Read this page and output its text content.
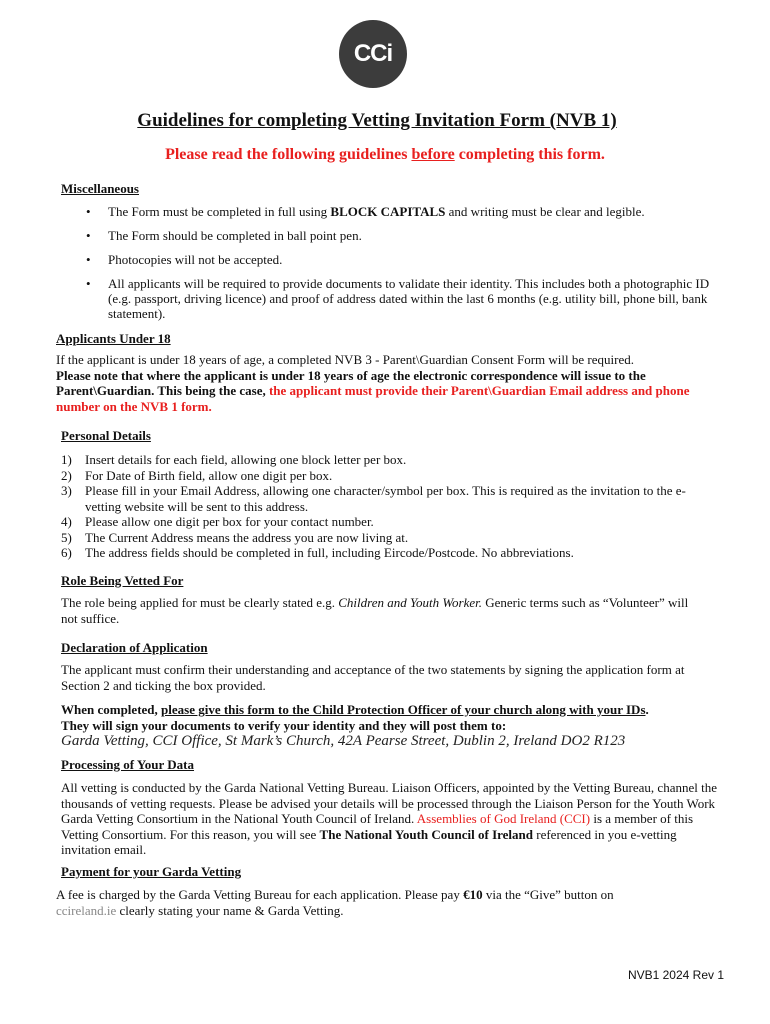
CCi
Guidelines for completing Vetting Invitation Form (NVB 1)
Please read the following guidelines before completing this form.
Miscellaneous
• The Form must be completed in full using BLOCK CAPITALS and writing must be clear and legible.
• The Form should be completed in ball point pen.
• Photocopies will not be accepted.
• All applicants will be required to provide documents to validate their identity. This includes both a photographic ID (e.g. passport, driving licence) and proof of address dated within the last 6 months (e.g. utility bill, phone bill, bank statement).
Applicants Under 18

If the applicant is under 18 years of age, a completed NVB 3 - Parent\Guardian Consent Form will be required.
Please note that where the applicant is under 18 years of age the electronic correspondence will issue to the Parent\Guardian. This being the case, the applicant must provide their Parent\Guardian Email address and phone number on the NVB 1 form.

Personal Details
1) Insert details for each field, allowing one block letter per box.
2) For Date of Birth field, allow one digit per box.
3) Please fill in your Email Address, allowing one character/symbol per box. This is required as the invitation to the e-vetting website will be sent to this address.
4) Please allow one digit per box for your contact number.
5) The Current Address means the address you are now living at.
6) The address fields should be completed in full, including Eircode/Postcode. No abbreviations.
Role Being Vetted For

The role being applied for must be clearly stated e.g. Children and Youth Worker. Generic terms such as “Volunteer” will not suffice.

Declaration of Application

The applicant must confirm their understanding and acceptance of the two statements by signing the application form at Section 2 and ticking the box provided.

When completed, please give this form to the Child Protection Officer of your church along with your IDs.
They will sign your documents to verify your identity and they will post them to:

Garda Vetting, CCI Office, St Mark’s Church, 42A Pearse Street, Dublin 2, Ireland DO2 R123
Processing of Your Data

All vetting is conducted by the Garda National Vetting Bureau. Liaison Officers, appointed by the Vetting Bureau, channel the thousands of vetting requests. Please be advised your details will be processed through the Liaison Person for the Youth Work Garda Vetting Consortium in the National Youth Council of Ireland. Assemblies of God Ireland (CCI) is a member of this Vetting Consortium. For this reason, you will see The National Youth Council of Ireland referenced in you e-vetting invitation email.

Payment for your Garda Vetting

A fee is charged by the Garda Vetting Bureau for each application. Please pay €10 via the “Give” button on
ccireland.ie clearly stating your name & Garda Vetting.

NVB1 2024 Rev 1
